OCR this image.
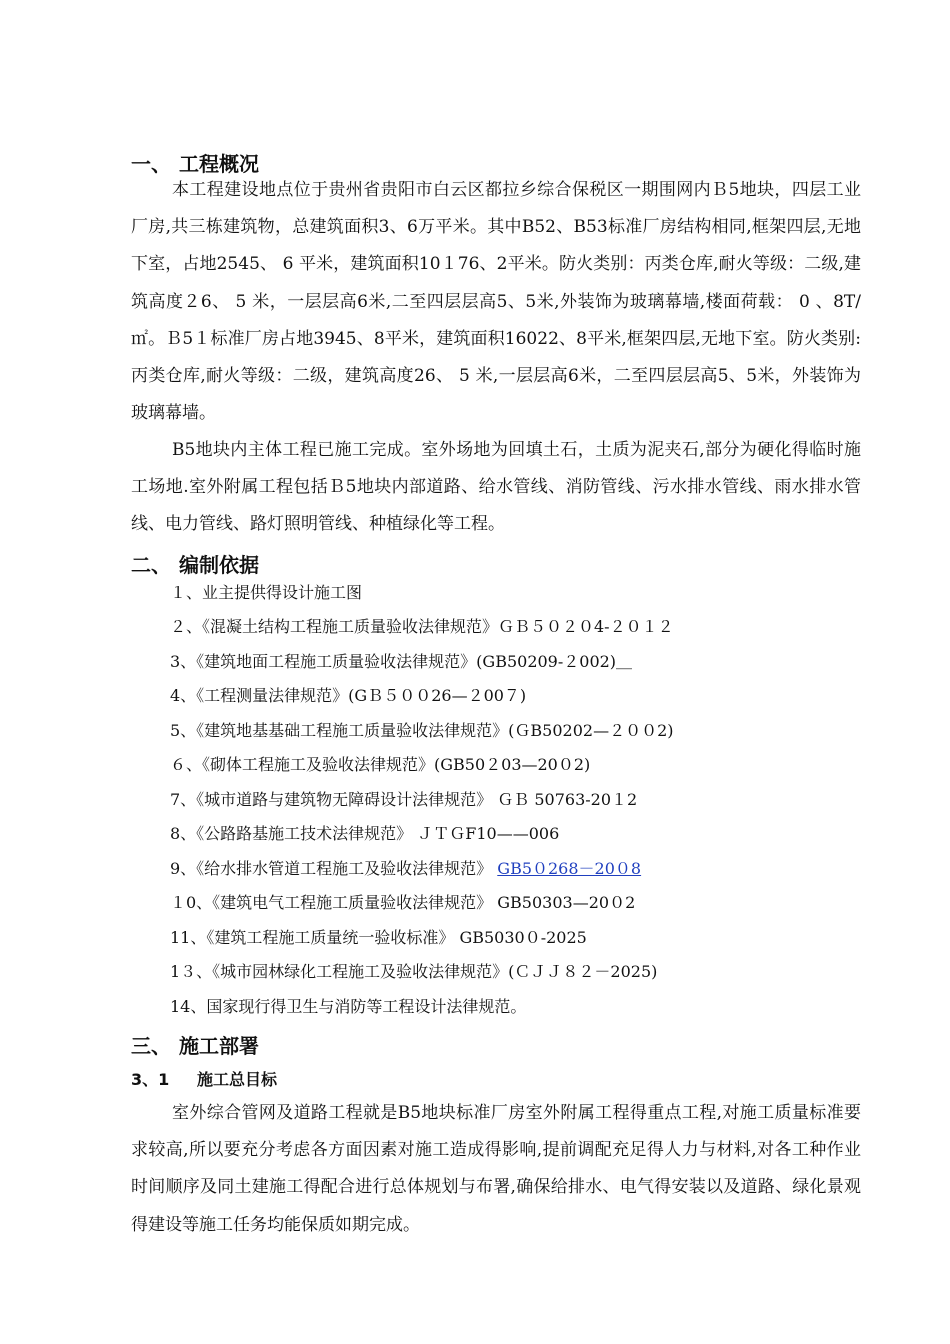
一、 工程概况

本工程建设地点位于贵州省贵阳市白云区都拉乡综合保税区一期围网内Ｂ5地块，四层工业厂房,共三栋建筑物，总建筑面积3、6万平米。其中B52、B53标准厂房结构相同,框架四层,无地下室，占地2545、 6 平米，建筑面积10１76、2平米。防火类别：丙类仓库,耐火等级：二级,建筑高度２6、 5 米，一层层高6米,二至四层层高5、5米,外装饰为玻璃幕墙,楼面荷载： 0 、8T/㎡。Ｂ5１标准厂房占地3945、8平米，建筑面积16022、8平米,框架四层,无地下室。防火类别:丙类仓库,耐火等级：二级，建筑高度26、 5 米,一层层高6米，二至四层层高5、5米，外装饰为玻璃幕墙。

B5地块内主体工程已施工完成。室外场地为回填土石，土质为泥夹石,部分为硬化得临时施工场地.室外附属工程包括Ｂ5地块内部道路、给水管线、消防管线、污水排水管线、雨水排水管线、电力管线、路灯照明管线、种植绿化等工程。

二、 编制依据
１、业主提供得设计施工图
２、《混凝土结构工程施工质量验收法律规范》ＧＢ５０２０4-２０１２
3、《建筑地面工程施工质量验收法律规范》(GB50209-２002)＿
4、《工程测量法律规范》(GＢ５００26—２00７)
5、《建筑地基基础工程施工质量验收法律规范》(ＧB50202—２００2)
６、《砌体工程施工及验收法律规范》(GB50２03—20０2)
7、《城市道路与建筑物无障碍设计法律规范》 ＧＢ 50763-20１2
8、《公路路基施工技术法律规范》 ＪＴＧF10——006
9、《给水排水管道工程施工及验收法律规范》 GB5０268－20０8
１0、《建筑电气工程施工质量验收法律规范》 GB50303—20０2
11、《建筑工程施工质量统一验收标准》 GB5030０-2025
1３、《城市园林绿化工程施工及验收法律规范》(ＣＪＪ８２－2025)
14、国家现行得卫生与消防等工程设计法律规范。
三、 施工部署
3、1 施工总目标

室外综合管网及道路工程就是B5地块标准厂房室外附属工程得重点工程,对施工质量标准要求较高,所以要充分考虑各方面因素对施工造成得影响,提前调配充足得人力与材料,对各工种作业时间顺序及同土建施工得配合进行总体规划与布署,确保给排水、电气得安装以及道路、绿化景观得建设等施工任务均能保质如期完成。
